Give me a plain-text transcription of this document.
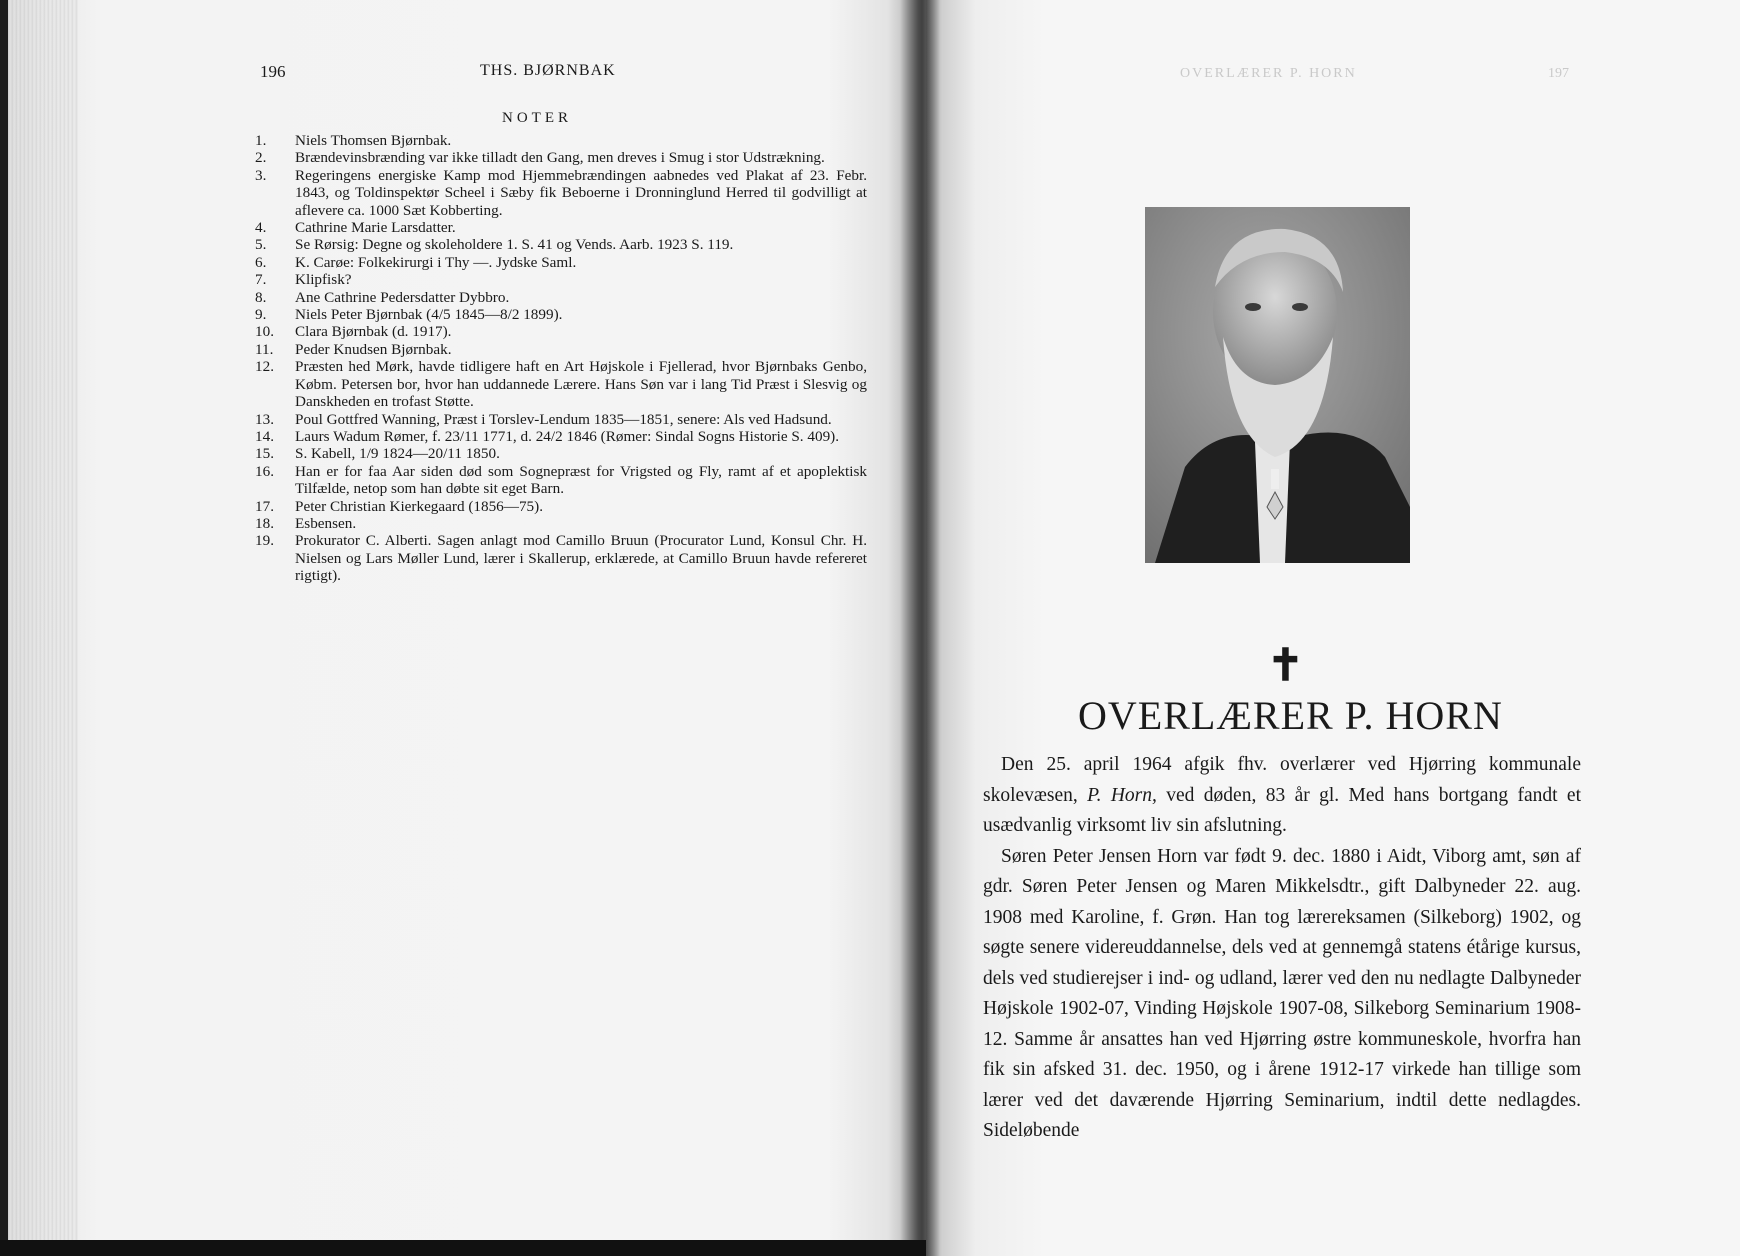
196	THS. BJØRNBAK
NOTER
1.	Niels Thomsen Bjørnbak.
2.	Brændevinsbrænding var ikke tilladt den Gang, men dreves i Smug i stor Udstrækning.
3.	Regeringens energiske Kamp mod Hjemmebrændingen aabnedes ved Plakat af 23. Febr. 1843, og Toldinspektør Scheel i Sæby fik Beboerne i Dronninglund Herred til godvilligt at aflevere ca. 1000 Sæt Kobberting.
4.	Cathrine Marie Larsdatter.
5.	Se Rørsig: Degne og skoleholdere 1. S. 41 og Vends. Aarb. 1923 S. 119.
6.	K. Carøe: Folkekirurgi i Thy —. Jydske Saml.
7.	Klipfisk?
8.	Ane Cathrine Pedersdatter Dybbro.
9.	Niels Peter Bjørnbak (4/5 1845—8/2 1899).
10.	Clara Bjørnbak (d. 1917).
11.	Peder Knudsen Bjørnbak.
12.	Præsten hed Mørk, havde tidligere haft en Art Højskole i Fjellerad, hvor Bjørnbaks Genbo, Købm. Petersen bor, hvor han uddannede Lærere. Hans Søn var i lang Tid Præst i Slesvig og Danskheden en trofast Støtte.
13.	Poul Gottfred Wanning, Præst i Torslev-Lendum 1835—1851, senere: Als ved Hadsund.
14.	Laurs Wadum Rømer, f. 23/11 1771, d. 24/2 1846 (Rømer: Sindal Sogns Historie S. 409).
15.	S. Kabell, 1/9 1824—20/11 1850.
16.	Han er for faa Aar siden død som Sognepræst for Vrigsted og Fly, ramt af et apoplektisk Tilfælde, netop som han døbte sit eget Barn.
17.	Peter Christian Kierkegaard (1856—75).
18.	Esbensen.
19.	Prokurator C. Alberti. Sagen anlagt mod Camillo Bruun (Procurator Lund, Konsul Chr. H. Nielsen og Lars Møller Lund, lærer i Skallerup, erklærede, at Camillo Bruun havde refereret rigtigt).
OVERLÆRER P. HORN	197
✝
OVERLÆRER P. HORN

Den 25. april 1964 afgik fhv. overlærer ved Hjørring kommunale skolevæsen, P. Horn, ved døden, 83 år gl. Med hans bortgang fandt et usædvanlig virksomt liv sin afslutning.

Søren Peter Jensen Horn var født 9. dec. 1880 i Aidt, Viborg amt, søn af gdr. Søren Peter Jensen og Maren Mikkelsdtr., gift Dalbyneder 22. aug. 1908 med Karoline, f. Grøn. Han tog lærereksamen (Silkeborg) 1902, og søgte senere videreuddannelse, dels ved at gennemgå statens étårige kursus, dels ved studierejser i ind- og udland, lærer ved den nu nedlagte Dalbyneder Højskole 1902-07, Vinding Højskole 1907-08, Silkeborg Seminarium 1908-12. Samme år ansattes han ved Hjørring østre kommuneskole, hvorfra han fik sin afsked 31. dec. 1950, og i årene 1912-17 virkede han tillige som lærer ved det daværende Hjørring Seminarium, indtil dette nedlagdes. Sideløbende
